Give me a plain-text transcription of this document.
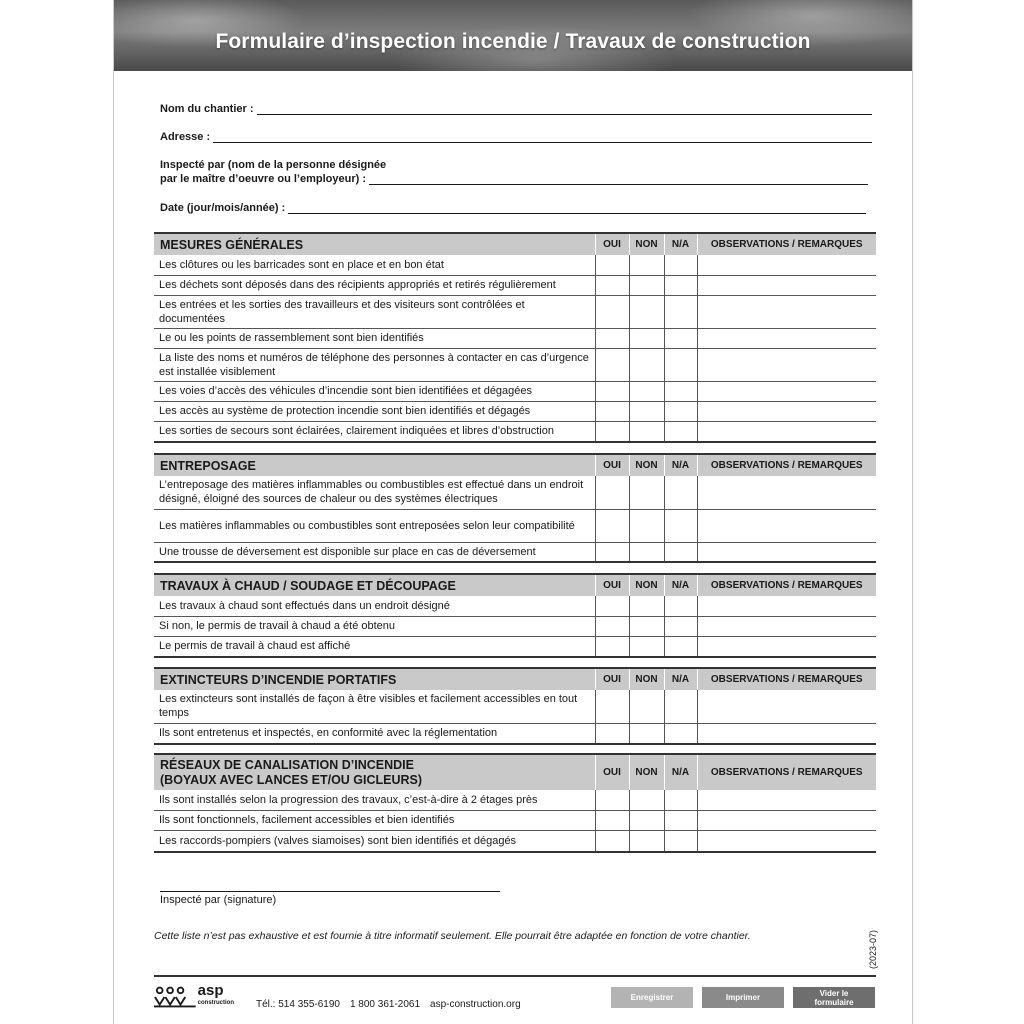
Formulaire d’inspection incendie / Travaux de construction
Nom du chantier :
Adresse :
Inspecté par (nom de la personne désignée
par le maître d’oeuvre ou l’employeur) :
Date (jour/mois/année) :
MESURES GÉNÉRALES	OUI	NON	N/A	OBSERVATIONS / REMARQUES
Les clôtures ou les barricades sont en place et en bon état				
Les déchets sont déposés dans des récipients appropriés et retirés régulièrement				
Les entrées et les sorties des travailleurs et des visiteurs sont contrôlées et documentées				
Le ou les points de rassemblement sont bien identifiés				
La liste des noms et numéros de téléphone des personnes à contacter en cas d’urgence est installée visiblement				
Les voies d’accès des véhicules d’incendie sont bien identifiées et dégagées				
Les accès au système de protection incendie sont bien identifiés et dégagés				
Les sorties de secours sont éclairées, clairement indiquées et libres d’obstruction				
ENTREPOSAGE	OUI	NON	N/A	OBSERVATIONS / REMARQUES
L’entreposage des matières inflammables ou combustibles est effectué dans un endroit désigné, éloigné des sources de chaleur ou des systèmes électriques				
Les matières inflammables ou combustibles sont entreposées selon leur compatibilité				
Une trousse de déversement est disponible sur place en cas de déversement				
TRAVAUX À CHAUD / SOUDAGE ET DÉCOUPAGE	OUI	NON	N/A	OBSERVATIONS / REMARQUES
Les travaux à chaud sont effectués dans un endroit désigné				
Si non, le permis de travail à chaud a été obtenu				
Le permis de travail à chaud est affiché				
EXTINCTEURS D’INCENDIE PORTATIFS	OUI	NON	N/A	OBSERVATIONS / REMARQUES
Les extincteurs sont installés de façon à être visibles et facilement accessibles en tout temps				
Ils sont entretenus et inspectés, en conformité avec la réglementation				
RÉSEAUX DE CANALISATION D’INCENDIE
(BOYAUX AVEC LANCES ET/OU GICLEURS)	OUI	NON	N/A	OBSERVATIONS / REMARQUES
Ils sont installés selon la progression des travaux, c’est-à-dire à 2 étages près				
Ils sont fonctionnels, facilement accessibles et bien identifiés				
Les raccords-pompiers (valves siamoises) sont bien identifiés et dégagés				
Inspecté par (signature)
Cette liste n’est pas exhaustive et est fournie à titre informatif seulement. Elle pourrait être adaptée en fonction de votre chantier.	(2023-07)
asp
construction Tél.: 514 355-6190 1 800 361-2061 asp-construction.org
Enregistrer	Imprimer	Vider le formulaire
